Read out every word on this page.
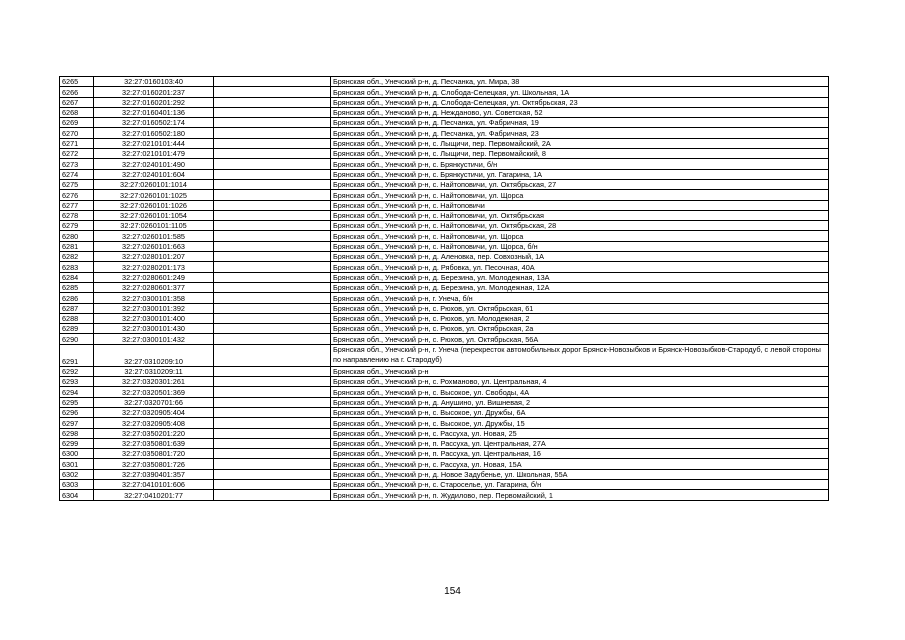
6265	32:27:0160103:40		Брянская обл., Унечский р-н, д. Песчанка, ул. Мира, 38
6266	32:27:0160201:237		Брянская обл., Унечский р-н, д. Слобода-Селецкая, ул. Школьная, 1А
6267	32:27:0160201:292		Брянская обл., Унечский р-н, д. Слобода-Селецкая, ул. Октябрьская, 23
6268	32:27:0160401:136		Брянская обл., Унечский р-н, д. Нежданово, ул. Советская, 52
6269	32:27:0160502:174		Брянская обл., Унечский р-н, д. Песчанка, ул. Фабричная, 19
6270	32:27:0160502:180		Брянская обл., Унечский р-н, д. Песчанка, ул. Фабричная, 23
6271	32:27:0210101:444		Брянская обл., Унечский р-н, с. Лыщичи, пер. Первомайский, 2А
6272	32:27:0210101:479		Брянская обл., Унечский р-н, с. Лыщичи, пер. Первомайский, 8
6273	32:27:0240101:490		Брянская обл., Унечский р-н, с. Брянкустичи, б/н
6274	32:27:0240101:604		Брянская обл., Унечский р-н, с. Брянкустичи, ул. Гагарина, 1А
6275	32:27:0260101:1014		Брянская обл., Унечский р-н, с. Найтоповичи, ул. Октябрьская, 27
6276	32:27:0260101:1025		Брянская обл., Унечский р-н, с. Найтоповичи, ул. Щорса
6277	32:27:0260101:1026		Брянская обл., Унечский р-н, с. Найтоповичи
6278	32:27:0260101:1054		Брянская обл., Унечский р-н, с. Найтоповичи, ул. Октябрьская
6279	32:27:0260101:1105		Брянская обл., Унечский р-н, с. Найтоповичи, ул. Октябрьская, 28
6280	32:27:0260101:585		Брянская обл., Унечский р-н, с. Найтоповичи, ул. Щорса
6281	32:27:0260101:663		Брянская обл., Унечский р-н, с. Найтоповичи, ул. Щорса, б/н
6282	32:27:0280101:207		Брянская обл., Унечский р-н, д. Аленовка, пер. Совхозный, 1А
6283	32:27:0280201:173		Брянская обл., Унечский р-н, д. Рябовка, ул. Песочная, 40А
6284	32:27:0280601:249		Брянская обл., Унечский р-н, д. Березина, ул. Молодежная, 13А
6285	32:27:0280601:377		Брянская обл., Унечский р-н, д. Березина, ул. Молодежная, 12А
6286	32:27:0300101:358		Брянская обл., Унечский р-н, г. Унеча, б/н
6287	32:27:0300101:392		Брянская обл., Унечский р-н, с. Рюхов, ул. Октябрьская, 61
6288	32:27:0300101:400		Брянская обл., Унечский р-н, с. Рюхов, ул. Молодежная, 2
6289	32:27:0300101:430		Брянская обл., Унечский р-н, с. Рюхов, ул. Октябрьская, 2а
6290	32:27:0300101:432		Брянская обл., Унечский р-н, с. Рюхов, ул. Октябрьская, 56А
6291	32:27:0310209:10		Брянская обл., Унечский р-н, г. Унеча (перекресток автомобильных дорог Брянск-Новозыбков и Брянск-Новозыбков-Стародуб, с левой стороны по направлению на г. Стародуб)
6292	32:27:0310209:11		Брянская обл., Унечский р-н
6293	32:27:0320301:261		Брянская обл., Унечский р-н, с. Рохманово, ул. Центральная, 4
6294	32:27:0320501:369		Брянская обл., Унечский р-н, с. Высокое, ул. Свободы, 4А
6295	32:27:0320701:66		Брянская обл., Унечский р-н, д. Анушино, ул. Вишневая, 2
6296	32:27:0320905:404		Брянская обл., Унечский р-н, с. Высокое, ул. Дружбы, 6А
6297	32:27:0320905:408		Брянская обл., Унечский р-н, с. Высокое, ул. Дружбы, 15
6298	32:27:0350201:220		Брянская обл., Унечский р-н, с. Рассуха, ул. Новая, 25
6299	32:27:0350801:639		Брянская обл., Унечский р-н, п. Рассуха, ул. Центральная, 27А
6300	32:27:0350801:720		Брянская обл., Унечский р-н, п. Рассуха, ул. Центральная, 16
6301	32:27:0350801:726		Брянская обл., Унечский р-н, с. Рассуха, ул. Новая, 15А
6302	32:27:0390401:357		Брянская обл., Унечский р-н, д. Новое Задубенье, ул. Школьная, 55А
6303	32:27:0410101:606		Брянская обл., Унечский р-н, с. Староселье, ул. Гагарина, б/н
6304	32:27:0410201:77		Брянская обл., Унечский р-н, п. Жудилово, пер. Первомайский, 1
154
